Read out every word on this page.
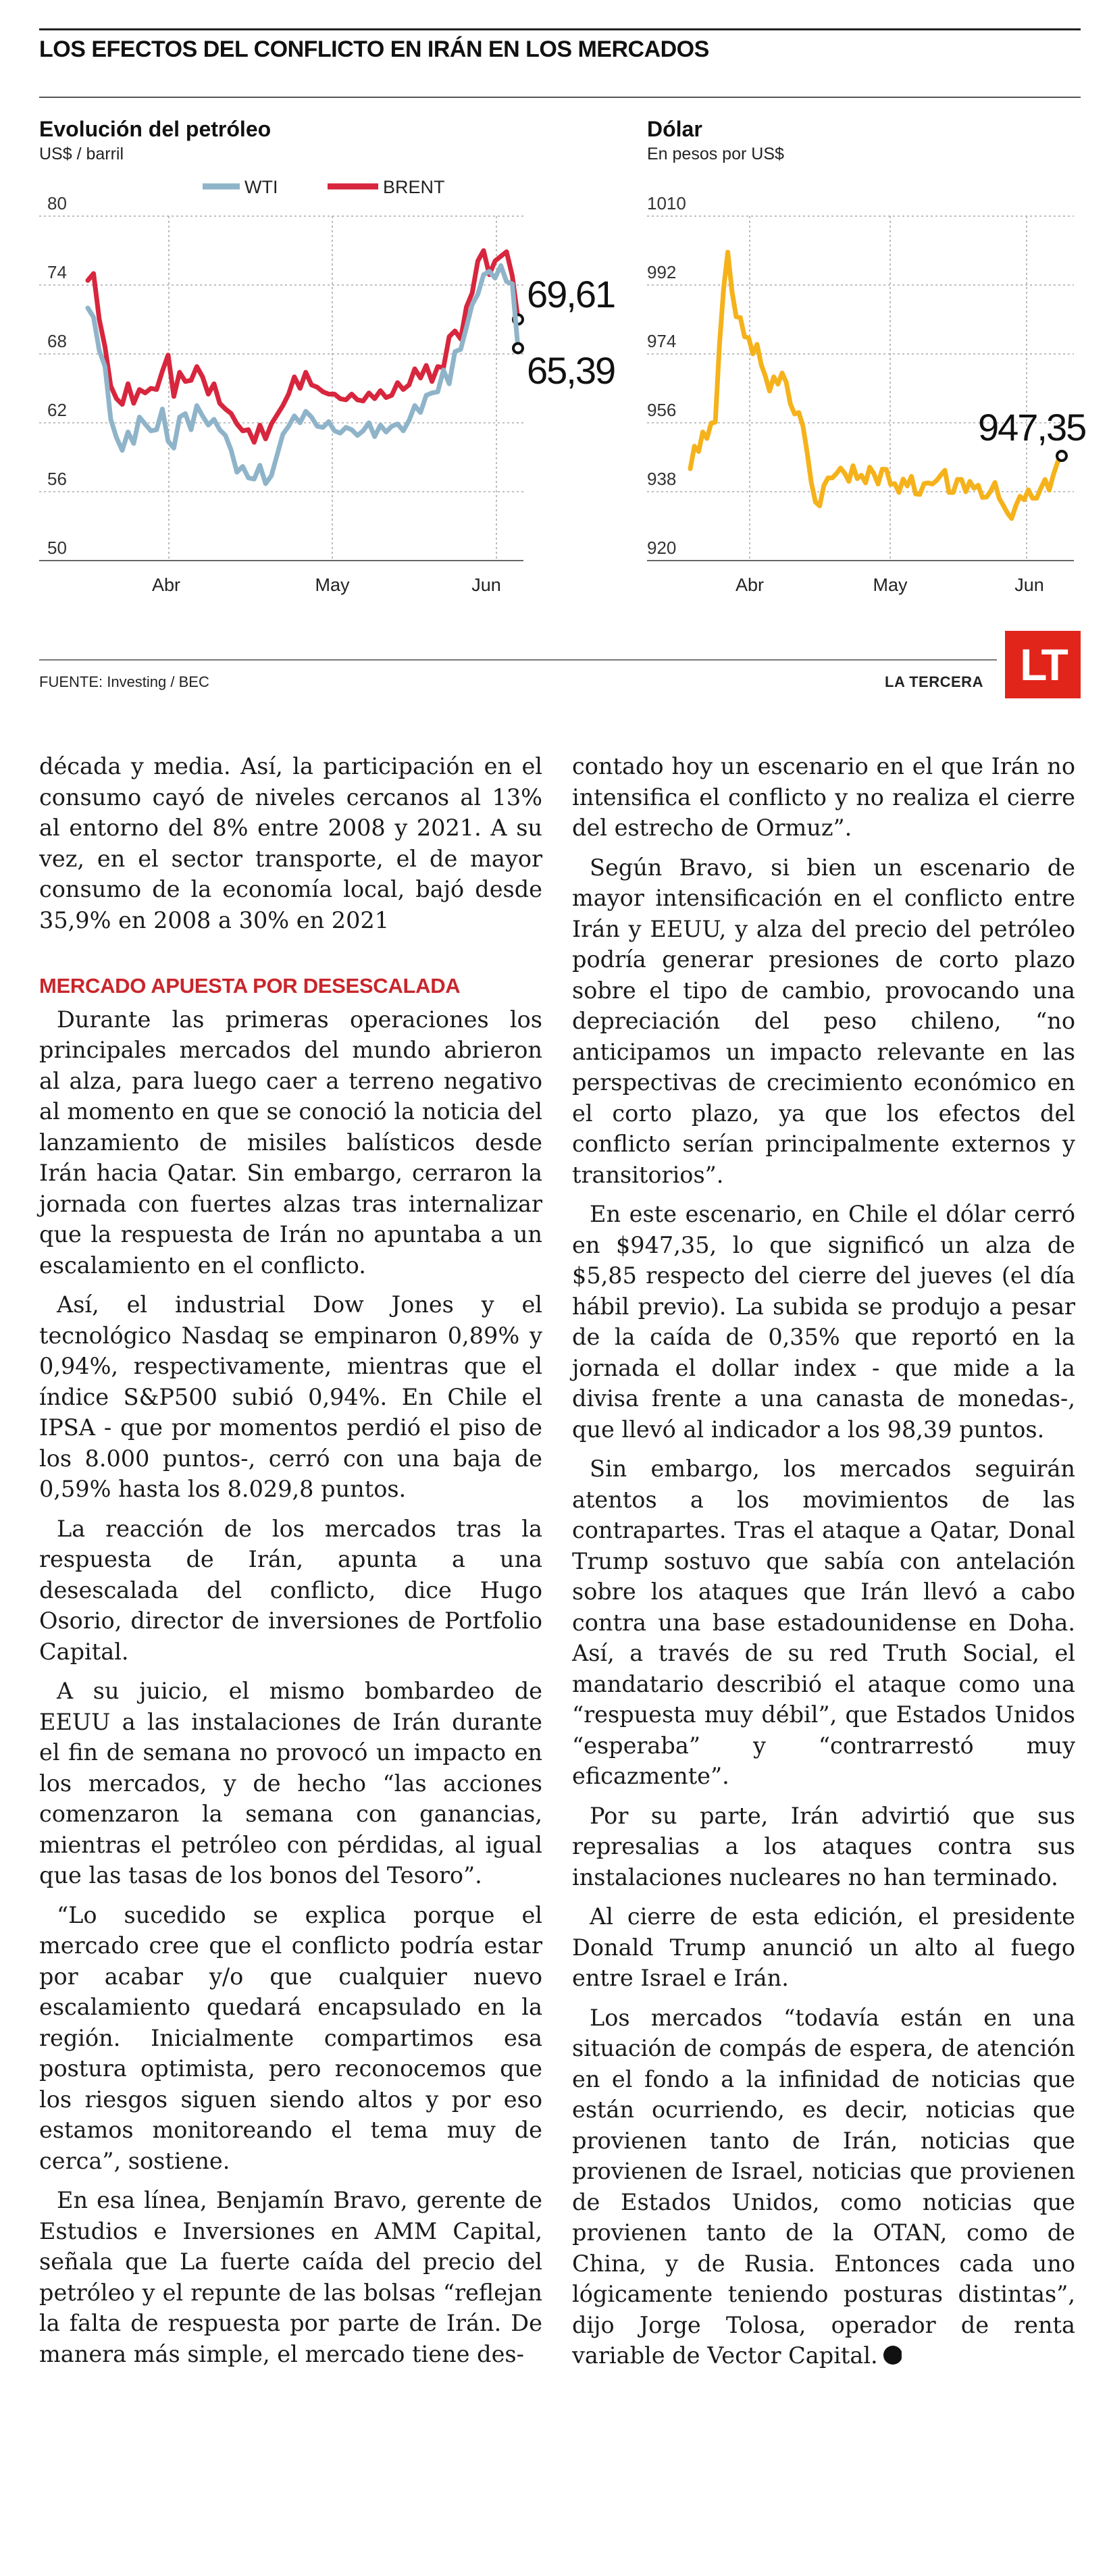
LOS EFECTOS DEL CONFLICTO EN IRÁN EN LOS MERCADOS
Evolución del petróleo
US$ / barril
WTI	BRENT
80
74
68
62
56
50
Abr	May	Jun
69,61
65,39
Dólar
En pesos por US$
1010
992
974
956
938
920
Abr	May	Jun
947,35
FUENTE: Investing / BEC	LA TERCERA LT

década y media. Así, la participación en el consumo cayó de niveles cercanos al 13% al entorno del 8% entre 2008 y 2021. A su vez, en el sector transporte, el de mayor consumo de la economía local, bajó desde 35,9% en 2008 a 30% en 2021

MERCADO APUESTA POR DESESCALADA

Durante las primeras operaciones los principales mercados del mundo abrieron al alza, para luego caer a terreno negativo al momento en que se conoció la noticia del lanzamiento de misiles balísticos desde Irán hacia Qatar. Sin embargo, cerraron la jornada con fuertes alzas tras internalizar que la respuesta de Irán no apuntaba a un escalamiento en el conflicto.

Así, el industrial Dow Jones y el tecnológico Nasdaq se empinaron 0,89% y 0,94%, respectivamente, mientras que el índice S&P500 subió 0,94%. En Chile el IPSA - que por momentos perdió el piso de los 8.000 puntos-, cerró con una baja de 0,59% hasta los 8.029,8 puntos.

La reacción de los mercados tras la respuesta de Irán, apunta a una desescalada del conflicto, dice Hugo Osorio, director de inversiones de Portfolio Capital.

A su juicio, el mismo bombardeo de EEUU a las instalaciones de Irán durante el fin de semana no provocó un impacto en los mercados, y de hecho “las acciones comenzaron la semana con ganancias, mientras el petróleo con pérdidas, al igual que las tasas de los bonos del Tesoro”.

“Lo sucedido se explica porque el mercado cree que el conflicto podría estar por acabar y/o que cualquier nuevo escalamiento quedará encapsulado en la región. Inicialmente compartimos esa postura optimista, pero reconocemos que los riesgos siguen siendo altos y por eso estamos monitoreando el tema muy de cerca”, sostiene.

En esa línea, Benjamín Bravo, gerente de Estudios e Inversiones en AMM Capital, señala que La fuerte caída del precio del petróleo y el repunte de las bolsas “reflejan la falta de respuesta por parte de Irán. De manera más simple, el mercado tiene des-

contado hoy un escenario en el que Irán no intensifica el conflicto y no realiza el cierre del estrecho de Ormuz”.

Según Bravo, si bien un escenario de mayor intensificación en el conflicto entre Irán y EEUU, y alza del precio del petróleo podría generar presiones de corto plazo sobre el tipo de cambio, provocando una depreciación del peso chileno, “no anticipamos un impacto relevante en las perspectivas de crecimiento económico en el corto plazo, ya que los efectos del conflicto serían principalmente externos y transitorios”.

En este escenario, en Chile el dólar cerró en $947,35, lo que significó un alza de $5,85 respecto del cierre del jueves (el día hábil previo). La subida se produjo a pesar de la caída de 0,35% que reportó en la jornada el dollar index - que mide a la divisa frente a una canasta de monedas-, que llevó al indicador a los 98,39 puntos.

Sin embargo, los mercados seguirán atentos a los movimientos de las contrapartes. Tras el ataque a Qatar, Donal Trump sostuvo que sabía con antelación sobre los ataques que Irán llevó a cabo contra una base estadounidense en Doha. Así, a través de su red Truth Social, el mandatario describió el ataque como una “respuesta muy débil”, que Estados Unidos “esperaba” y “contrarrestó muy eficazmente”.

Por su parte, Irán advirtió que sus represalias a los ataques contra sus instalaciones nucleares no han terminado.

Al cierre de esta edición, el presidente Donald Trump anunció un alto al fuego entre Israel e Irán.

Los mercados “todavía están en una situación de compás de espera, de atención en el fondo a la infinidad de noticias que están ocurriendo, es decir, noticias que provienen tanto de Irán, noticias que provienen de Israel, noticias que provienen de Estados Unidos, como noticias que provienen tanto de la OTAN, como de China, y de Rusia. Entonces cada uno lógicamente teniendo posturas distintas”, dijo Jorge Tolosa, operador de renta variable de Vector Capital.P
